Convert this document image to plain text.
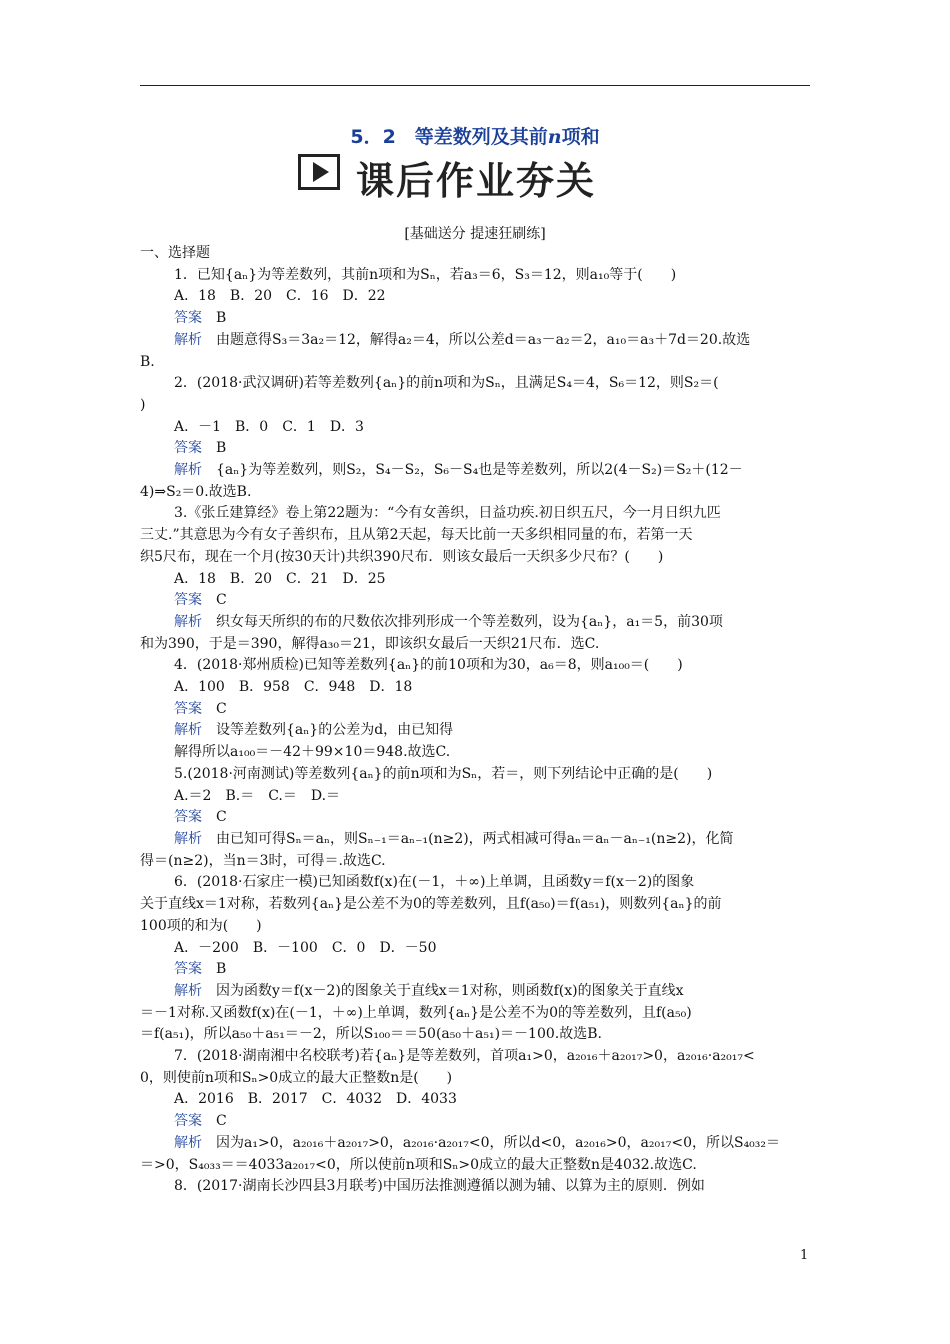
5．2　等差数列及其前n项和
课后作业夯关
[基础送分 提速狂刷练]

一、选择题

1．已知{aₙ}为等差数列，其前n项和为Sₙ，若a₃＝6，S₃＝12，则a₁₀等于(　　)

A．18　B．20　C．16　D．22

答案　 B

解析　 由题意得S₃＝3a₂＝12，解得a₂＝4，所以公差d＝a₃－a₂＝2，a₁₀＝a₃＋7d＝20.故选

B.

2．(2018·武汉调研)若等差数列{aₙ}的前n项和为Sₙ，且满足S₄＝4，S₆＝12，则S₂＝(

)

A．－1　B．0　C．1　D．3

答案　 B

解析　 {aₙ}为等差数列，则S₂，S₄－S₂，S₆－S₄也是等差数列，所以2(4－S₂)＝S₂＋(12－

4)⇒S₂＝0.故选B.

3.《张丘建算经》卷上第22题为：“今有女善织，日益功疾.初日织五尺，今一月日织九匹

三丈.”其意思为今有女子善织布，且从第2天起，每天比前一天多织相同量的布，若第一天

织5尺布，现在一个月(按30天计)共织390尺布．则该女最后一天织多少尺布？(　　)

A．18　B．20　C．21　D．25

答案　 C

解析　 织女每天所织的布的尺数依次排列形成一个等差数列，设为{aₙ}，a₁＝5，前30项

和为390，于是＝390，解得a₃₀＝21，即该织女最后一天织21尺布．选C.

4．(2018·郑州质检)已知等差数列{aₙ}的前10项和为30，a₆＝8，则a₁₀₀＝(　　)

A．100　B．958　C．948　D．18

答案　 C

解析　 设等差数列{aₙ}的公差为d，由已知得

解得所以a₁₀₀＝－42＋99×10＝948.故选C.

5.(2018·河南测试)等差数列{aₙ}的前n项和为Sₙ，若＝，则下列结论中正确的是(　　)

A.＝2　B.＝　C.＝　D.＝

答案　 C

解析　 由已知可得Sₙ＝aₙ，则Sₙ₋₁＝aₙ₋₁(n≥2)，两式相减可得aₙ＝aₙ－aₙ₋₁(n≥2)，化简

得＝(n≥2)，当n＝3时，可得＝.故选C.

6．(2018·石家庄一模)已知函数f(x)在(－1，＋∞)上单调，且函数y＝f(x－2)的图象

关于直线x＝1对称，若数列{aₙ}是公差不为0的等差数列，且f(a₅₀)＝f(a₅₁)，则数列{aₙ}的前

100项的和为(　　)

A．－200　B．－100　C．0　D．－50

答案　 B

解析　 因为函数y＝f(x－2)的图象关于直线x＝1对称，则函数f(x)的图象关于直线x

＝－1对称.又函数f(x)在(－1，＋∞)上单调，数列{aₙ}是公差不为0的等差数列，且f(a₅₀)

＝f(a₅₁)，所以a₅₀＋a₅₁＝－2，所以S₁₀₀＝＝50(a₅₀＋a₅₁)＝－100.故选B.

7．(2018·湖南湘中名校联考)若{aₙ}是等差数列，首项a₁>0，a₂₀₁₆＋a₂₀₁₇>0，a₂₀₁₆·a₂₀₁₇<

0，则使前n项和Sₙ>0成立的最大正整数n是(　　)

A．2016　B．2017　C．4032　D．4033

答案　 C

解析　 因为a₁>0，a₂₀₁₆＋a₂₀₁₇>0，a₂₀₁₆·a₂₀₁₇<0，所以d<0，a₂₀₁₆>0，a₂₀₁₇<0，所以S₄₀₃₂＝

＝>0，S₄₀₃₃＝＝4033a₂₀₁₇<0，所以使前n项和Sₙ>0成立的最大正整数n是4032.故选C.

8．(2017·湖南长沙四县3月联考)中国历法推测遵循以测为辅、以算为主的原则．例如

1
